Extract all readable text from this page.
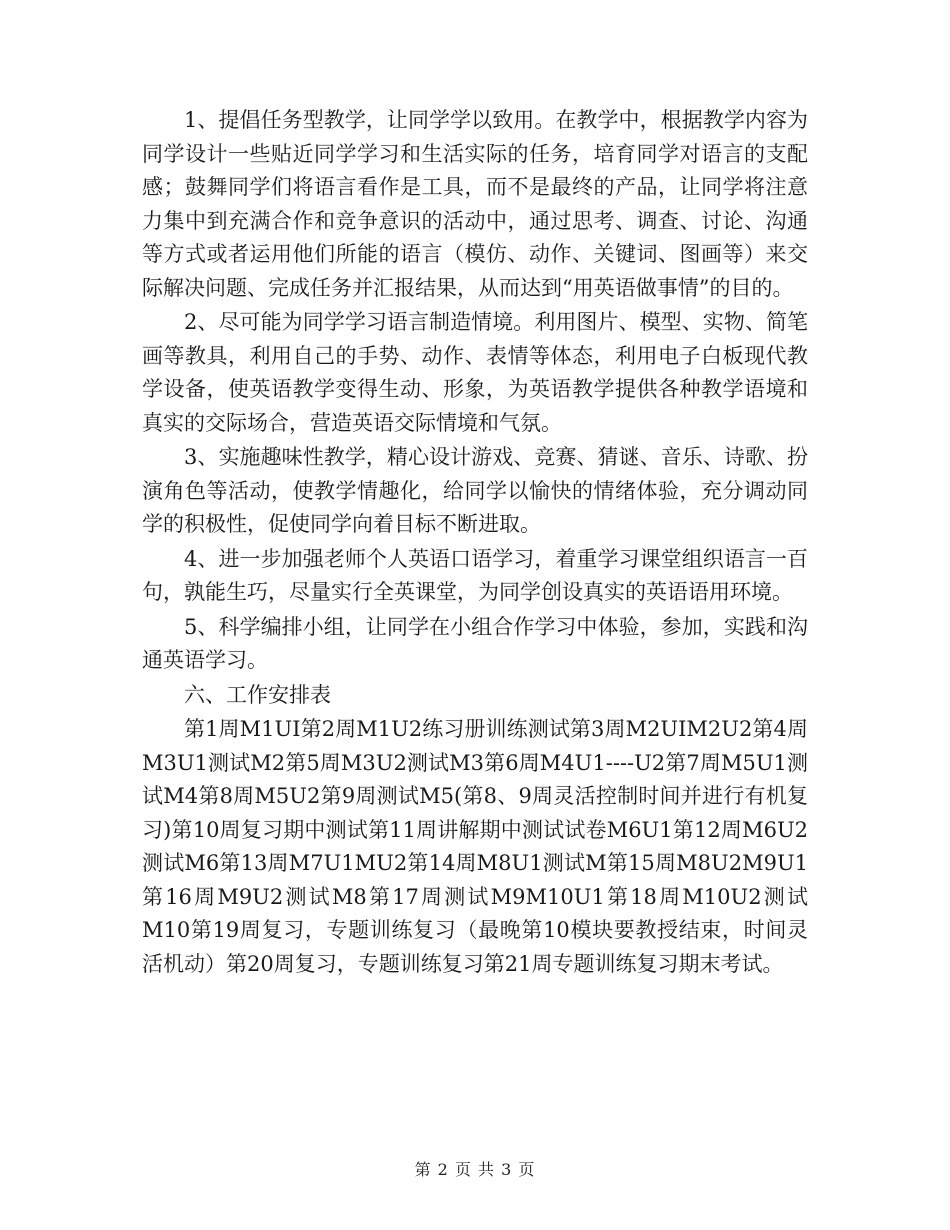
1、提倡任务型教学，让同学学以致用。在教学中，根据教学内容为同学设计一些贴近同学学习和生活实际的任务，培育同学对语言的支配感；鼓舞同学们将语言看作是工具，而不是最终的产品，让同学将注意力集中到充满合作和竞争意识的活动中，通过思考、调查、讨论、沟通等方式或者运用他们所能的语言（模仿、动作、关键词、图画等）来交际解决问题、完成任务并汇报结果，从而达到“用英语做事情”的目的。

2、尽可能为同学学习语言制造情境。利用图片、模型、实物、简笔画等教具，利用自己的手势、动作、表情等体态，利用电子白板现代教学设备，使英语教学变得生动、形象，为英语教学提供各种教学语境和真实的交际场合，营造英语交际情境和气氛。

3、实施趣味性教学，精心设计游戏、竞赛、猜谜、音乐、诗歌、扮演角色等活动，使教学情趣化，给同学以愉快的情绪体验，充分调动同学的积极性，促使同学向着目标不断进取。

4、进一步加强老师个人英语口语学习，着重学习课堂组织语言一百句，孰能生巧，尽量实行全英课堂，为同学创设真实的英语语用环境。

5、科学编排小组，让同学在小组合作学习中体验，参加，实践和沟通英语学习。

六、工作安排表

第1周M1UI第2周M1U2练习册训练测试第3周M2UIM2U2第4周M3U1测试M2第5周M3U2测试M3第6周M4U1----U2第7周M5U1测试M4第8周M5U2第9周测试M5(第8、9周灵活控制时间并进行有机复习)第10周复习期中测试第11周讲解期中测试试卷M6U1第12周M6U2测试M6第13周M7U1MU2第14周M8U1测试M第15周M8U2M9U1第16周M9U2测试M8第17周测试M9M10U1第18周M10U2测试M10第19周复习，专题训练复习（最晚第10模块要教授结束，时间灵活机动）第20周复习，专题训练复习第21周专题训练复习期末考试。

第 2 页 共 3 页
